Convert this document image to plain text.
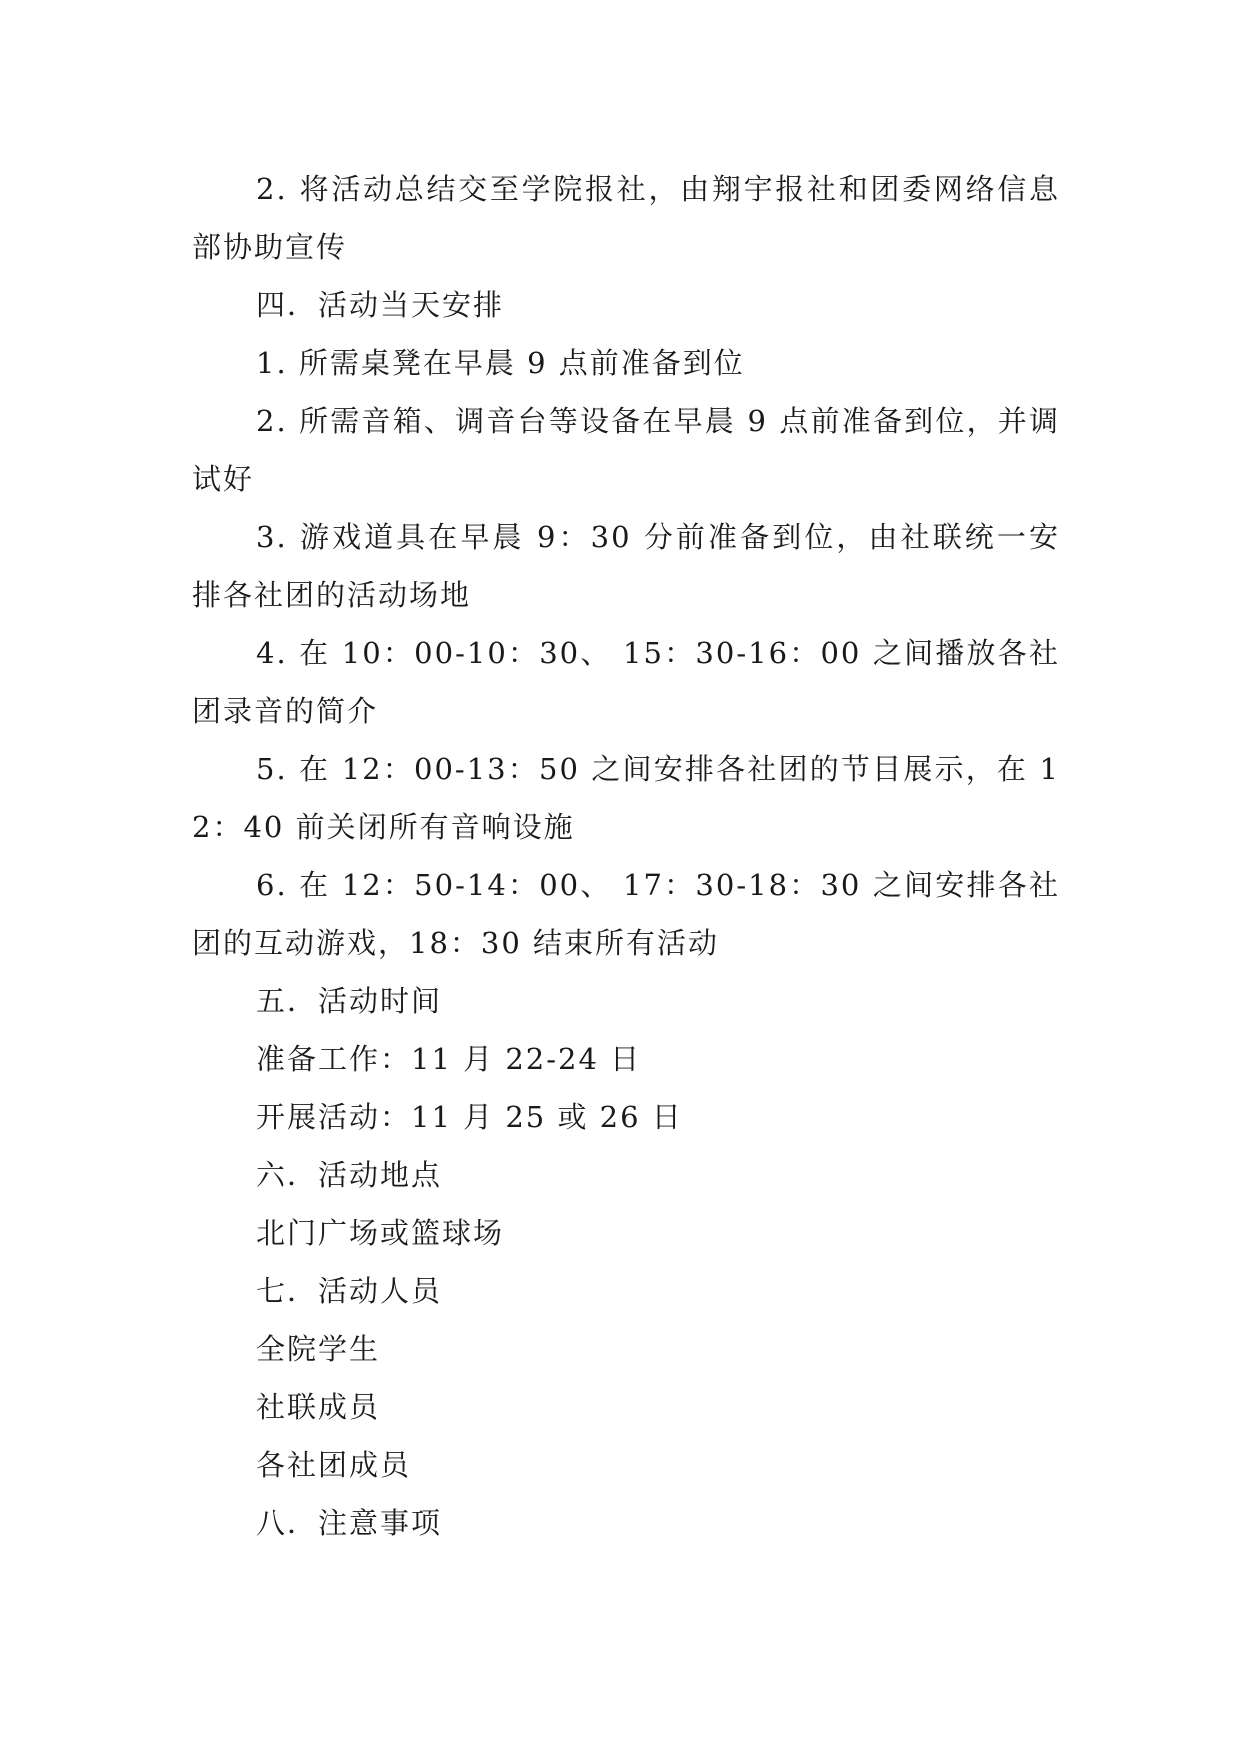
2. 将活动总结交至学院报社，由翔宇报社和团委网络信息部协助宣传

四．活动当天安排

1. 所需桌凳在早晨 9 点前准备到位

2. 所需音箱、调音台等设备在早晨 9 点前准备到位，并调试好

3. 游戏道具在早晨 9：30 分前准备到位，由社联统一安排各社团的活动场地

4. 在 10：00-10：30、 15：30-16：00 之间播放各社团录音的简介

5. 在 12：00-13：50 之间安排各社团的节目展示，在 12：40 前关闭所有音响设施

6. 在 12：50-14：00、 17：30-18：30 之间安排各社团的互动游戏，18：30 结束所有活动

五．活动时间

准备工作：11 月 22-24 日

开展活动：11 月 25 或 26 日

六．活动地点

北门广场或篮球场

七．活动人员

全院学生

社联成员

各社团成员

八．注意事项
